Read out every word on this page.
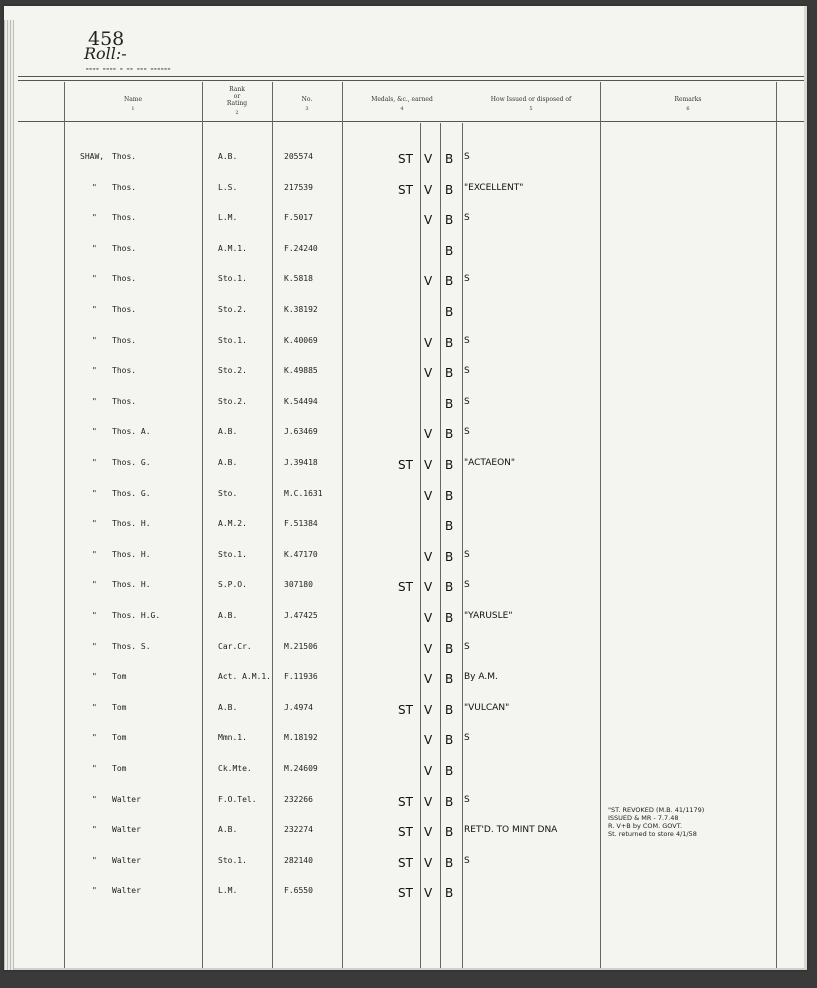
458
Roll:-
▬▬▬▬ ▬▬▬▬ ▬ ▬▬ ▬▬▬ ▬▬▬▬▬▬
Name
1
Rank
or
Rating
2
No.
3
Medals, &c., earned
4
How Issued or disposed of
5
Remarks
6
SHAW, Thos.	A.B.	205574	ST V B S
" Thos.	L.S.	217539	ST V B "EXCELLENT"
" Thos.	L.M.	F.5017	V B S
" Thos.	A.M.1.	F.24240	B
" Thos.	Sto.1.	K.5818	V B S
" Thos.	Sto.2.	K.38192	B
" Thos.	Sto.1.	K.40069	V B S
" Thos.	Sto.2.	K.49885	V B S
" Thos.	Sto.2.	K.54494	B S
" Thos. A.	A.B.	J.63469	V B S
" Thos. G.	A.B.	J.39418	ST V B "ACTAEON"
" Thos. G.	Sto.	M.C.1631	V B
" Thos. H.	A.M.2.	F.51384	B
" Thos. H.	Sto.1.	K.47170	V B S
" Thos. H.	S.P.O.	307180	ST V B S
" Thos. H.G.	A.B.	J.47425	V B "YARUSLE"
" Thos. S.	Car.Cr.	M.21506	V B S
" Tom	Act. A.M.1. F.11936	V B By A.M.
" Tom	A.B.	J.4974	ST V B "VULCAN"
" Tom	Mmn.1.	M.18192	V B S
" Tom	Ck.Mte.	M.24609	V B
" Walter	F.O.Tel.	232266	ST V B S
" Walter	A.B.	232274	ST V B RET'D. TO MINT DNA
" Walter	Sto.1.	282140	ST V B S
" Walter	L.M.	F.6550	ST V B
"ST. REVOKED (M.B. 41/1179)
ISSUED & MR - 7.7.48
R. V+B by COM. GOVT.
St. returned to store 4/1/58
